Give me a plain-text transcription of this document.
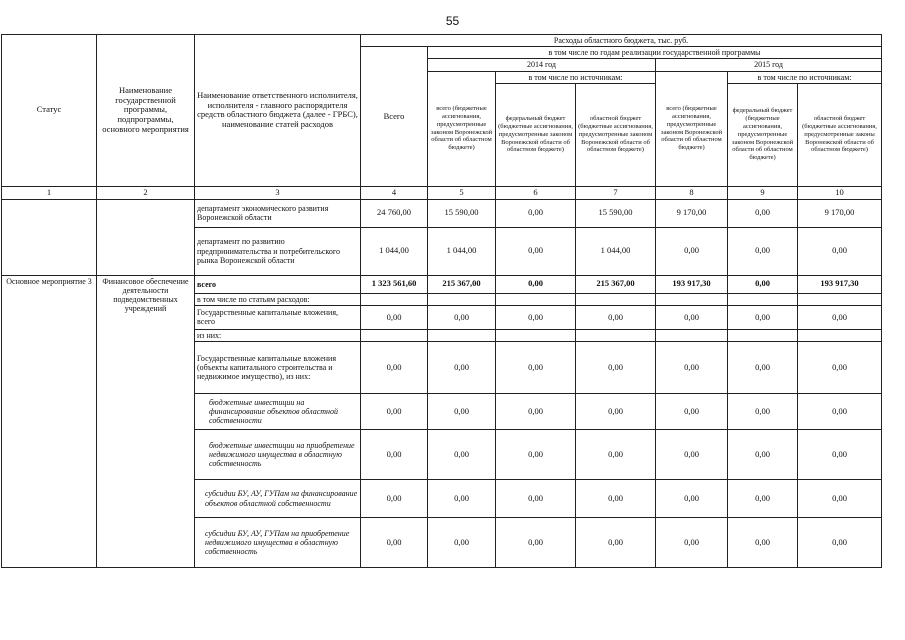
55
Статус	Наименование государственной программы, подпрограммы, основного мероприятия	Наименование ответственного исполнителя, исполнителя - главного распорядителя средств областного бюджета (далее - ГРБС), наименование статей расходов	Расходы областного бюджета, тыс. руб.						
			Всего	в том числе по годам реализации государственной программы					
				2014 год			2015 год		
				всего (бюджетные ассигнования, предусмотренные законом Воронежской области об областном бюджете)	в том числе по источникам:		всего (бюджетные ассигнования, предусмотренные законом Воронежской области об областном бюджете)	в том числе по источникам:	
					федеральный бюджет (бюджетные ассигнования, предусмотренные законом Воронежской области об областном бюджете)	областной бюджет (бюджетные ассигнования, предусмотренные законом Воронежской области об областном бюджете)		федеральный бюджет (бюджетные ассигнования, предусмотренные законом Воронежской области об областном бюджете)	областной бюджет (бюджетные ассигнования, предусмотренные законы Воронежской области об областном бюджете)
1	2	3	4	5	6	7	8	9	10
		департамент экономического развития Воронежской области	24 760,00	15 590,00	0,00	15 590,00	9 170,00	0,00	9 170,00
		департамент по развитию предпринимательства и потребительского рынка Воронежской области	1 044,00	1 044,00	0,00	1 044,00	0,00	0,00	0,00
Основное мероприятие 3	Финансовое обеспечение деятельности подведомственных учреждений	всего	1 323 561,60	215 367,00	0,00	215 367,00	193 917,30	0,00	193 917,30
		в том числе по статьям расходов:							
		Государственные капитальные вложения, всего	0,00	0,00	0,00	0,00	0,00	0,00	0,00
		из них:							
		Государственные капитальные вложения (объекты капитального строительства и недвижимое имущество), из них:	0,00	0,00	0,00	0,00	0,00	0,00	0,00
		бюджетные инвестиции на финансирование объектов областной собственности	0,00	0,00	0,00	0,00	0,00	0,00	0,00
		бюджетные инвестиции на приобретение недвижимого имущества в областную собственность	0,00	0,00	0,00	0,00	0,00	0,00	0,00
		субсидии БУ, АУ, ГУПам на финансирование объектов областной собственности	0,00	0,00	0,00	0,00	0,00	0,00	0,00
		субсидии БУ, АУ, ГУПам на приобретение недвижимого имущества в областную собственность	0,00	0,00	0,00	0,00	0,00	0,00	0,00
